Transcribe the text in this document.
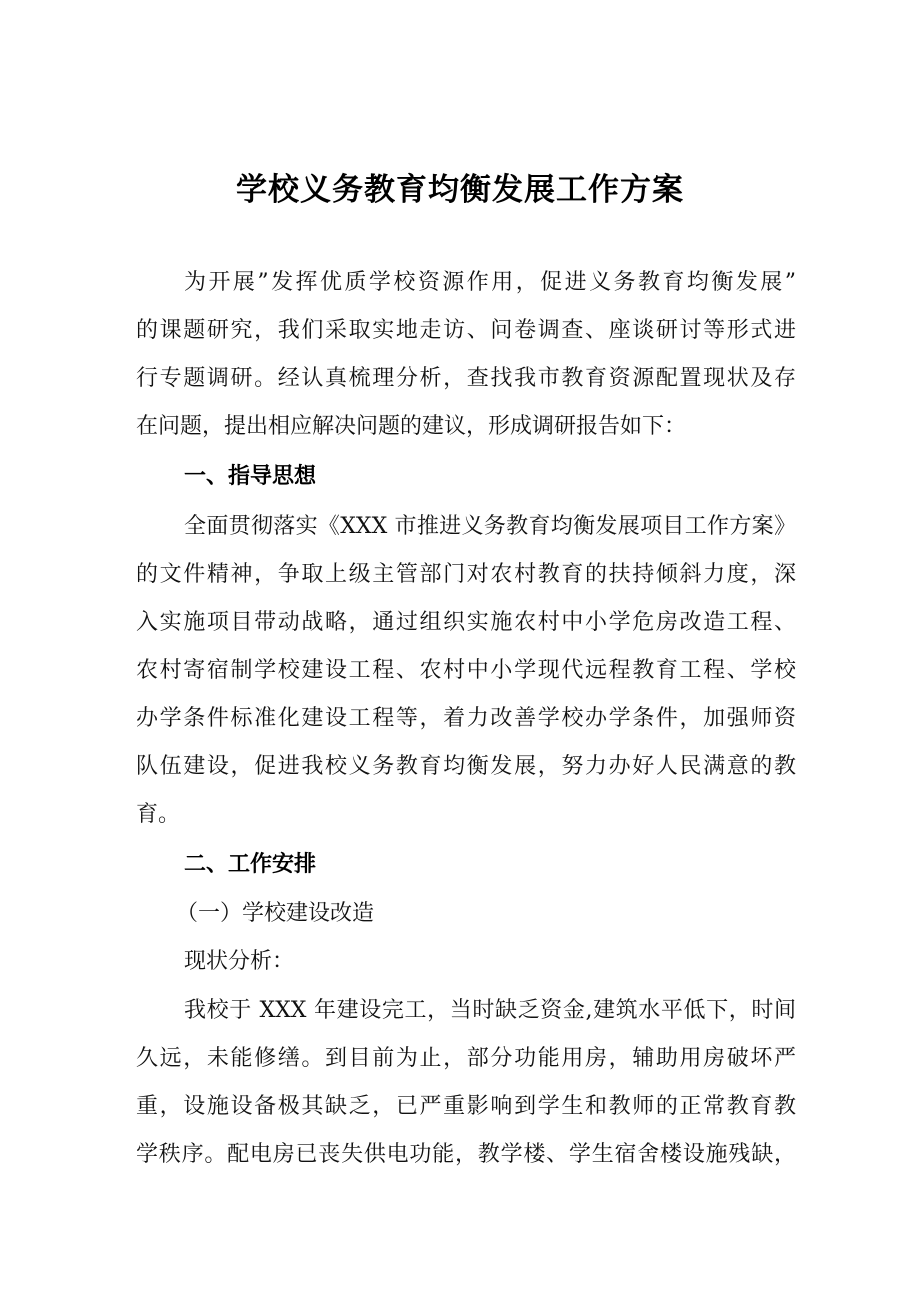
学校义务教育均衡发展工作方案
为开展”发挥优质学校资源作用，促进义务教育均衡发展”
的课题研究，我们采取实地走访、问卷调查、座谈研讨等形式进
行专题调研。经认真梳理分析，查找我市教育资源配置现状及存
在问题，提出相应解决问题的建议，形成调研报告如下：
一、指导思想
全面贯彻落实《XXX 市推进义务教育均衡发展项目工作方案》
的文件精神，争取上级主管部门对农村教育的扶持倾斜力度，深
入实施项目带动战略，通过组织实施农村中小学危房改造工程、
农村寄宿制学校建设工程、农村中小学现代远程教育工程、学校
办学条件标准化建设工程等，着力改善学校办学条件，加强师资
队伍建设，促进我校义务教育均衡发展，努力办好人民满意的教
育。
二、工作安排
（一）学校建设改造
现状分析：
我校于 XXX 年建设完工，当时缺乏资金,建筑水平低下，时间
久远，未能修缮。到目前为止，部分功能用房，辅助用房破坏严
重，设施设备极其缺乏，已严重影响到学生和教师的正常教育教
学秩序。配电房已丧失供电功能，教学楼、学生宿舍楼设施残缺，
